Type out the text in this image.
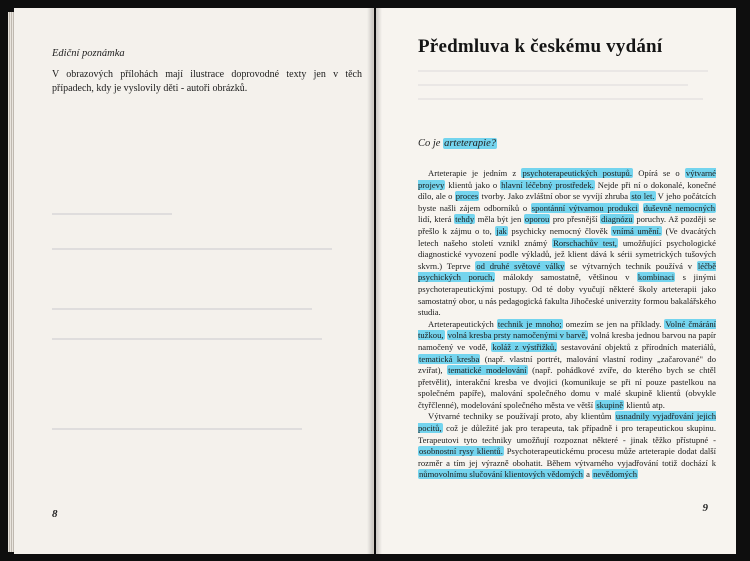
Ediční poznámka
V obrazových přílohách mají ilustrace doprovodné texty jen v těch případech, kdy je vyslovily děti - autoři obrázků.
8
Předmluva k českému vydání
Co je arteterapie?

Arteterapie je jedním z psychoterapeutických postupů. Opírá se o výtvarné projevy klientů jako o hlavní léčebný prostředek. Nejde při ní o dokonalé, konečné dílo, ale o proces tvorby. Jako zvláštní obor se vyvíjí zhruba sto let. V jeho počátcích byste našli zájem odborníků o spontánní výtvarnou produkci duševně nemocných lidí, která tehdy měla být jen oporou pro přesnější diagnózu poruchy. Až později se přešlo k zájmu o to, jak psychicky nemocný člověk vnímá umění. (Ve dvacátých letech našeho století vznikl známý Rorschachův test, umožňující psychologické diagnostické vyvození podle výkladů, jež klient dává k sérii symetrických tušových skvrn.) Teprve od druhé světové války se výtvarných technik používá v léčbě psychických poruch, málokdy samostatně, většinou v kombinaci s jinými psychoterapeutickými postupy. Od té doby vyučují některé školy arteterapii jako samostatný obor, u nás pedagogická fakulta Jihočeské univerzity formou bakalářského studia.

Arteterapeutických technik je mnoho; omezím se jen na příklady. Volné čmárání tužkou, volná kresba prsty namočenými v barvě, volná kresba jednou barvou na papír namočený ve vodě, koláž z výstřižků, sestavování objektů z přírodních materiálů, tematická kresba (např. vlastní portrét, malování vlastní rodiny „začarované" do zvířat), tematické modelování (např. pohádkové zvíře, do kterého bych se chtěl přetvělit), interakční kresba ve dvojici (komunikuje se při ní pouze pastelkou na společném papíře), malování společného domu v malé skupině klientů (obvykle čtyřčlenné), modelování společného města ve větší skupině klientů atp.

Výtvarné techniky se používají proto, aby klientům usnadnily vyjadřování jejich pocitů, což je důležité jak pro terapeuta, tak případně i pro terapeutickou skupinu. Terapeutovi tyto techniky umožňují rozpoznat některé - jinak těžko přístupné - osobnostní rysy klientů. Psychoterapeutickému procesu může arteterapie dodat další rozměr a tím jej výrazně obohatit. Během výtvarného vyjadřování totiž dochází k nůmovolnímu slučování klientových vědomých a nevědomých

9
